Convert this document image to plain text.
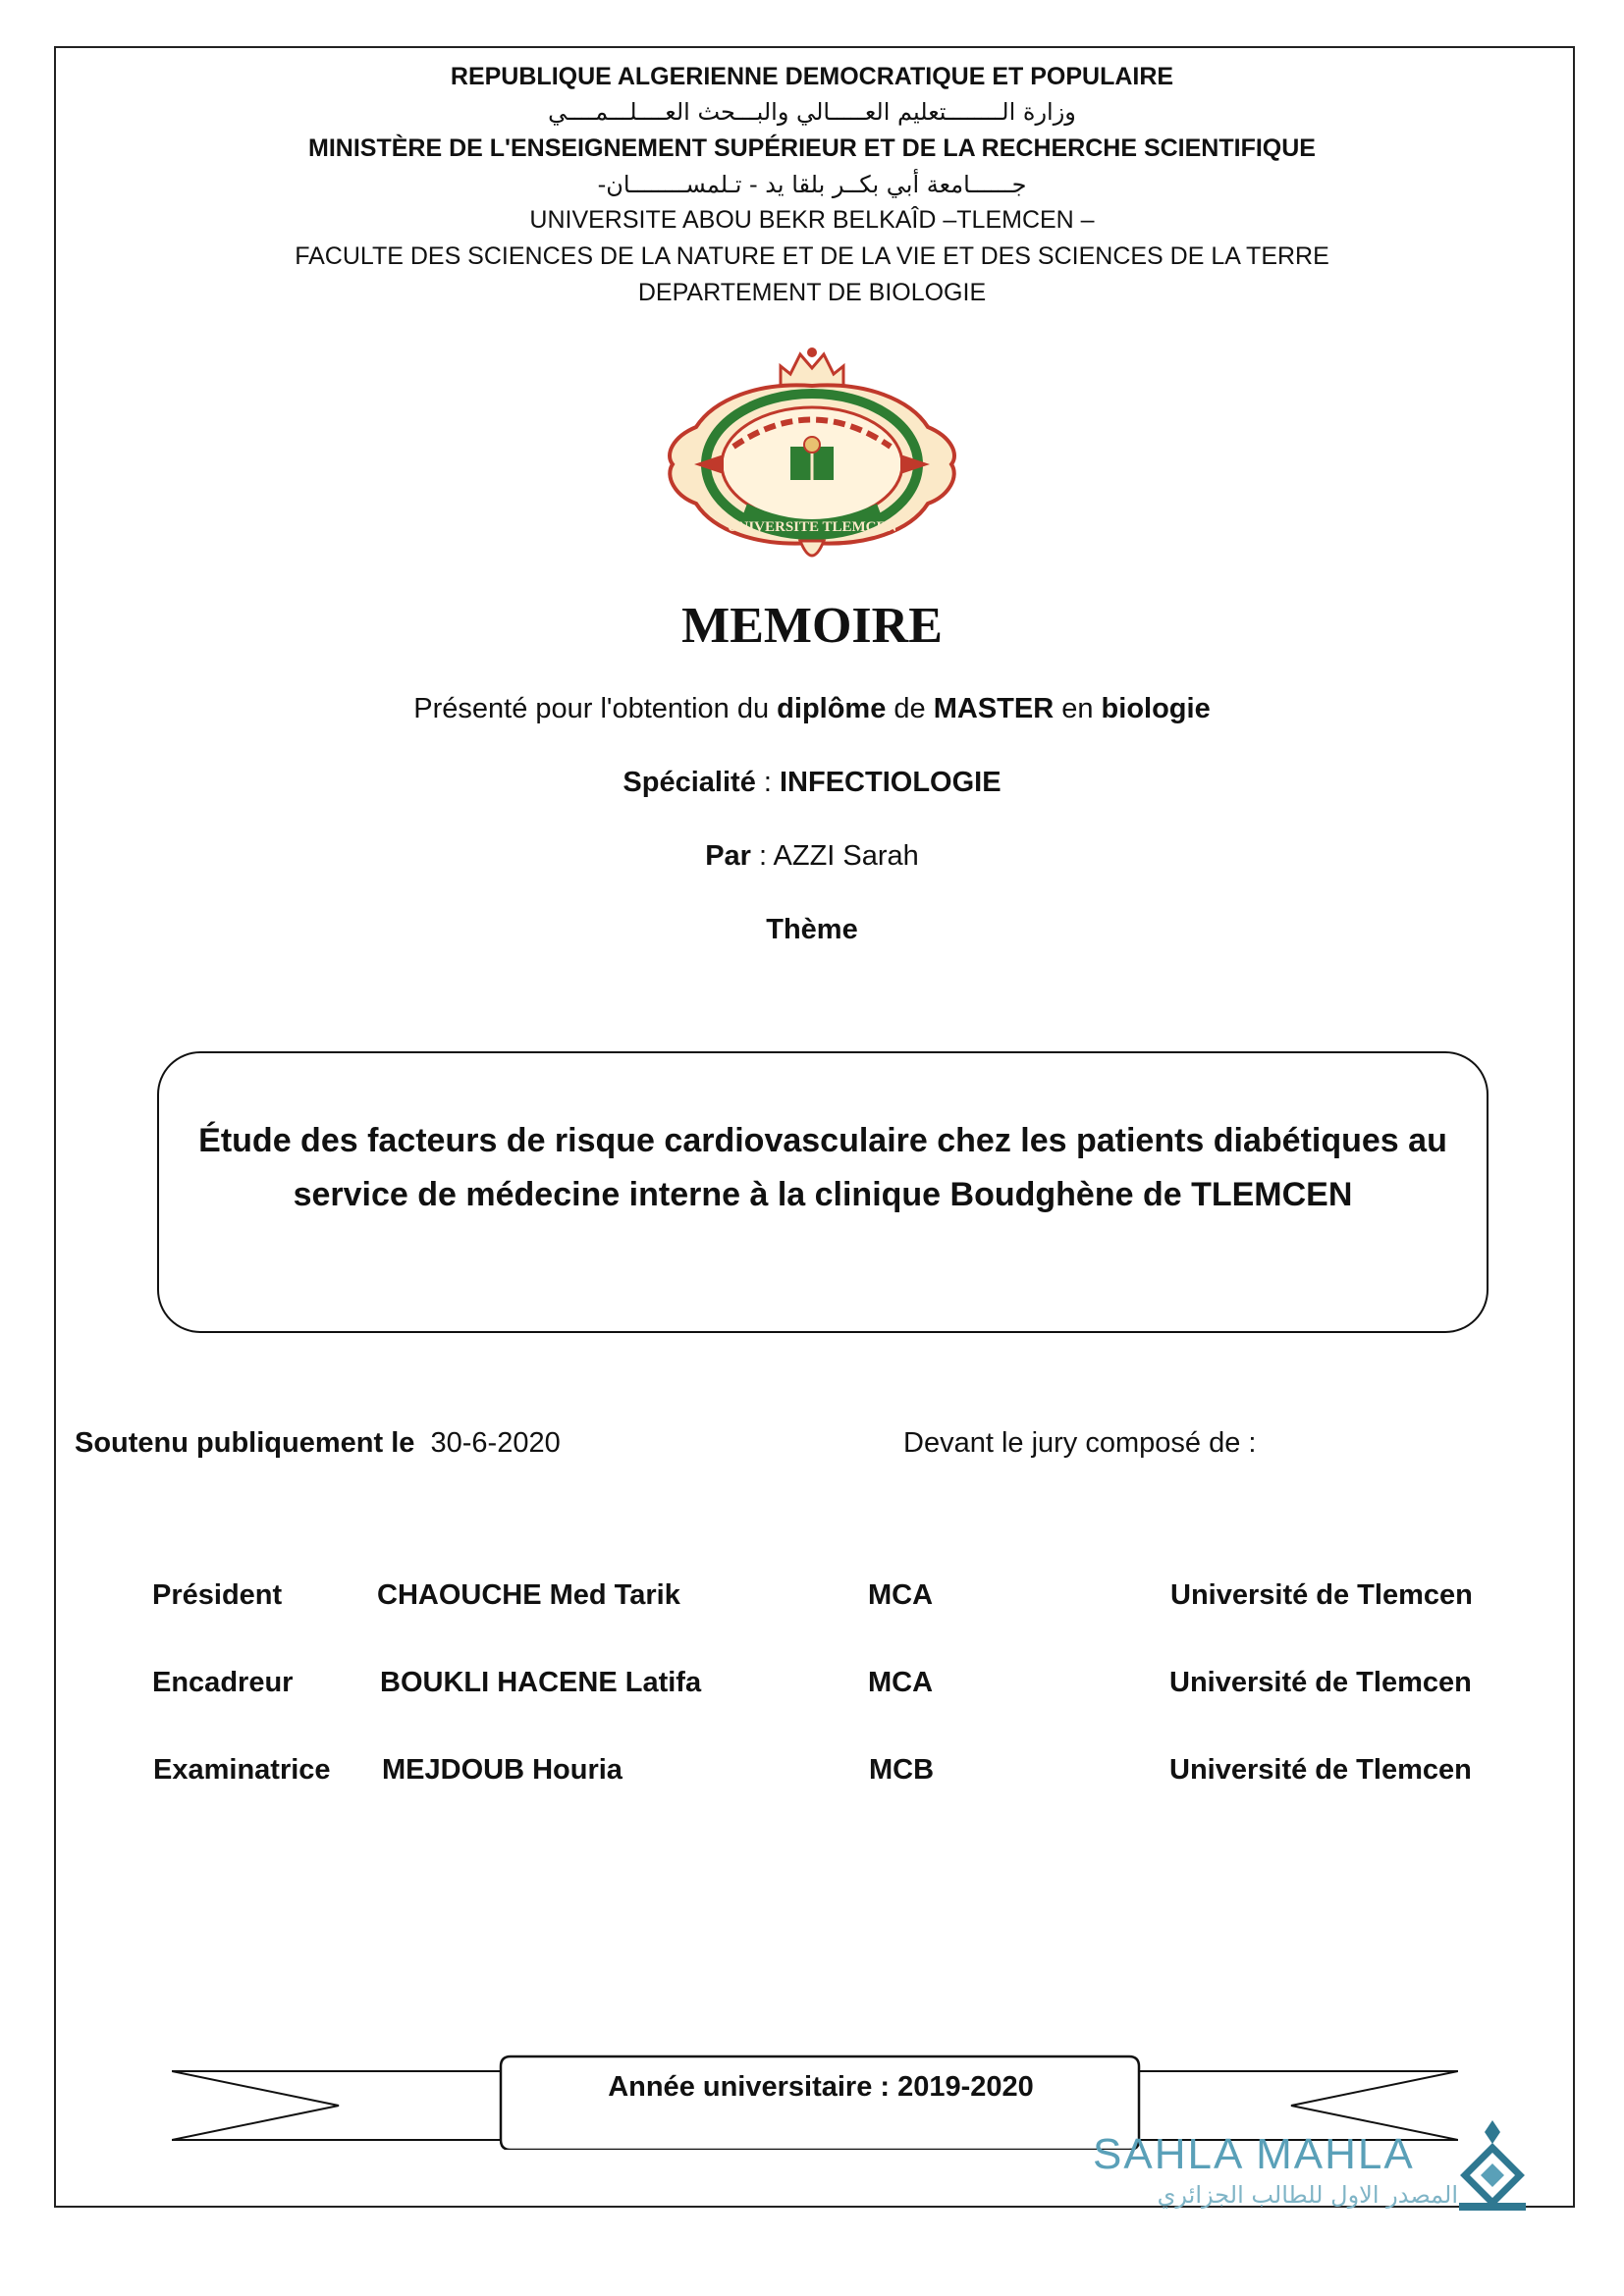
REPUBLIQUE ALGERIENNE DEMOCRATIQUE ET POPULAIRE
وزارة الــــــــتعليم العـــــالي والبـــحث العــــلـــمــــي
MINISTÈRE DE L'ENSEIGNEMENT SUPÉRIEUR ET DE LA RECHERCHE SCIENTIFIQUE
جــــــامعة أبي بكــر بلقا يد - تـلمســــــــان-
UNIVERSITE ABOU BEKR BELKAÎD –TLEMCEN –
FACULTE DES SCIENCES DE LA NATURE ET DE LA VIE ET DES SCIENCES DE LA TERRE
DEPARTEMENT DE BIOLOGIE
UNIVERSITE TLEMCEN
MEMOIRE
Présenté pour l'obtention du diplôme de MASTER en biologie
Spécialité : INFECTIOLOGIE
Par : AZZI Sarah
Thème
Étude des facteurs de risque cardiovasculaire chez les patients diabétiques au service de médecine interne à la clinique Boudghène de TLEMCEN
Soutenu publiquement le 30-6-2020	Devant le jury composé de :
Président	CHAOUCHE Med Tarik	MCA	Université de Tlemcen
Encadreur	BOUKLI HACENE Latifa	MCA	Université de Tlemcen
Examinatrice MEJDOUB Houria	MCB	Université de Tlemcen
Année universitaire : 2019-2020
SAHLA MAHLA
المصدر الاول للطالب الجزائري
